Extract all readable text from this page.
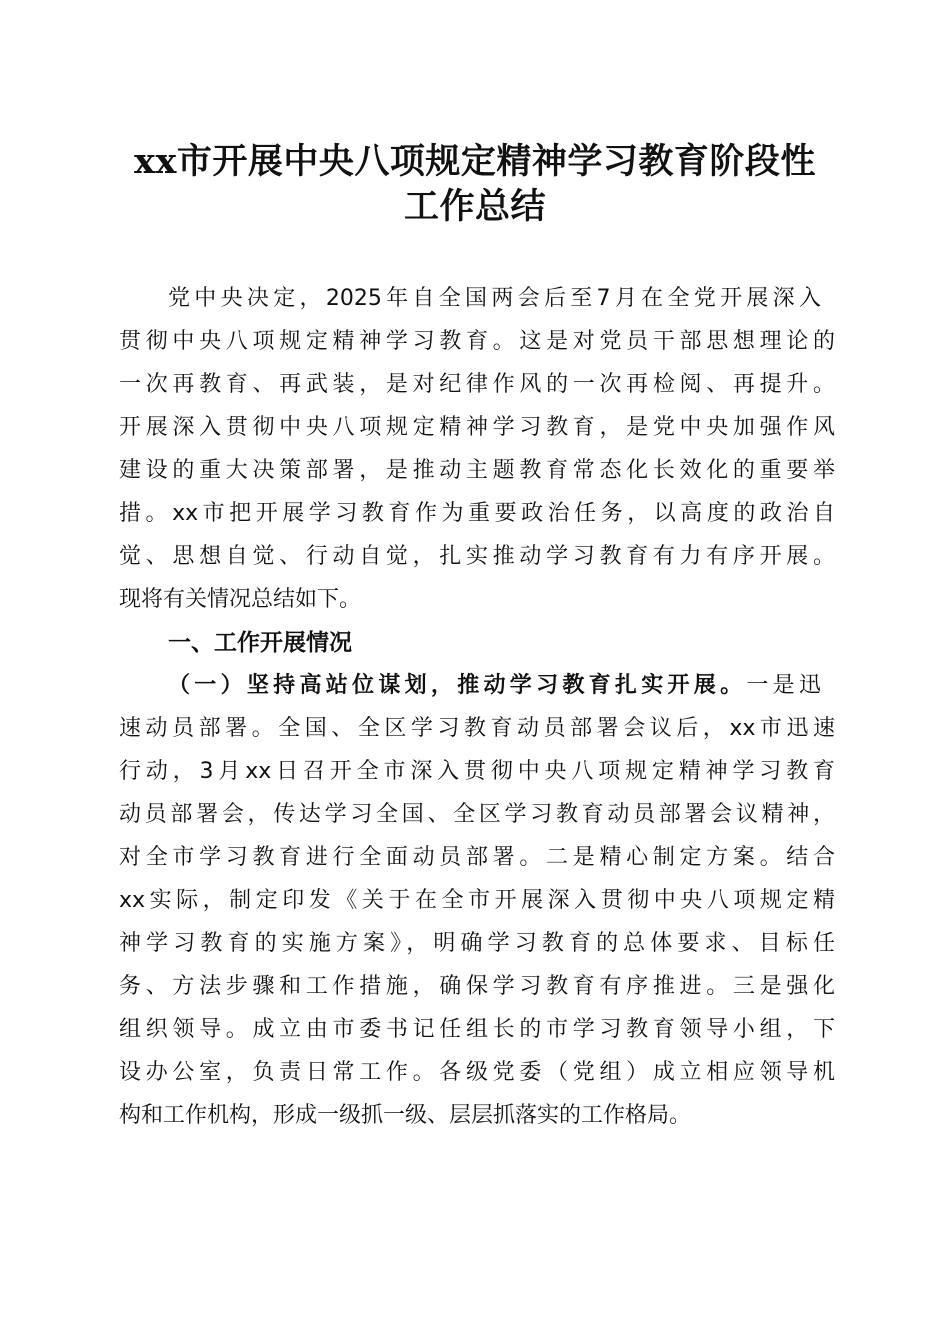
xx市开展中央八项规定精神学习教育阶段性
工作总结

党中央决定，2025年自全国两会后至7月在全党开展深入

贯彻中央八项规定精神学习教育。这是对党员干部思想理论的

一次再教育、再武装，是对纪律作风的一次再检阅、再提升。

开展深入贯彻中央八项规定精神学习教育，是党中央加强作风

建设的重大决策部署，是推动主题教育常态化长效化的重要举

措。xx市把开展学习教育作为重要政治任务，以高度的政治自

觉、思想自觉、行动自觉，扎实推动学习教育有力有序开展。

现将有关情况总结如下。

一、工作开展情况

（一）坚持高站位谋划，推动学习教育扎实开展。一是迅

速动员部署。全国、全区学习教育动员部署会议后，xx市迅速

行动，3月xx日召开全市深入贯彻中央八项规定精神学习教育

动员部署会，传达学习全国、全区学习教育动员部署会议精神，

对全市学习教育进行全面动员部署。二是精心制定方案。结合

xx实际，制定印发《关于在全市开展深入贯彻中央八项规定精

神学习教育的实施方案》，明确学习教育的总体要求、目标任

务、方法步骤和工作措施，确保学习教育有序推进。三是强化

组织领导。成立由市委书记任组长的市学习教育领导小组，下

设办公室，负责日常工作。各级党委（党组）成立相应领导机

构和工作机构，形成一级抓一级、层层抓落实的工作格局。
